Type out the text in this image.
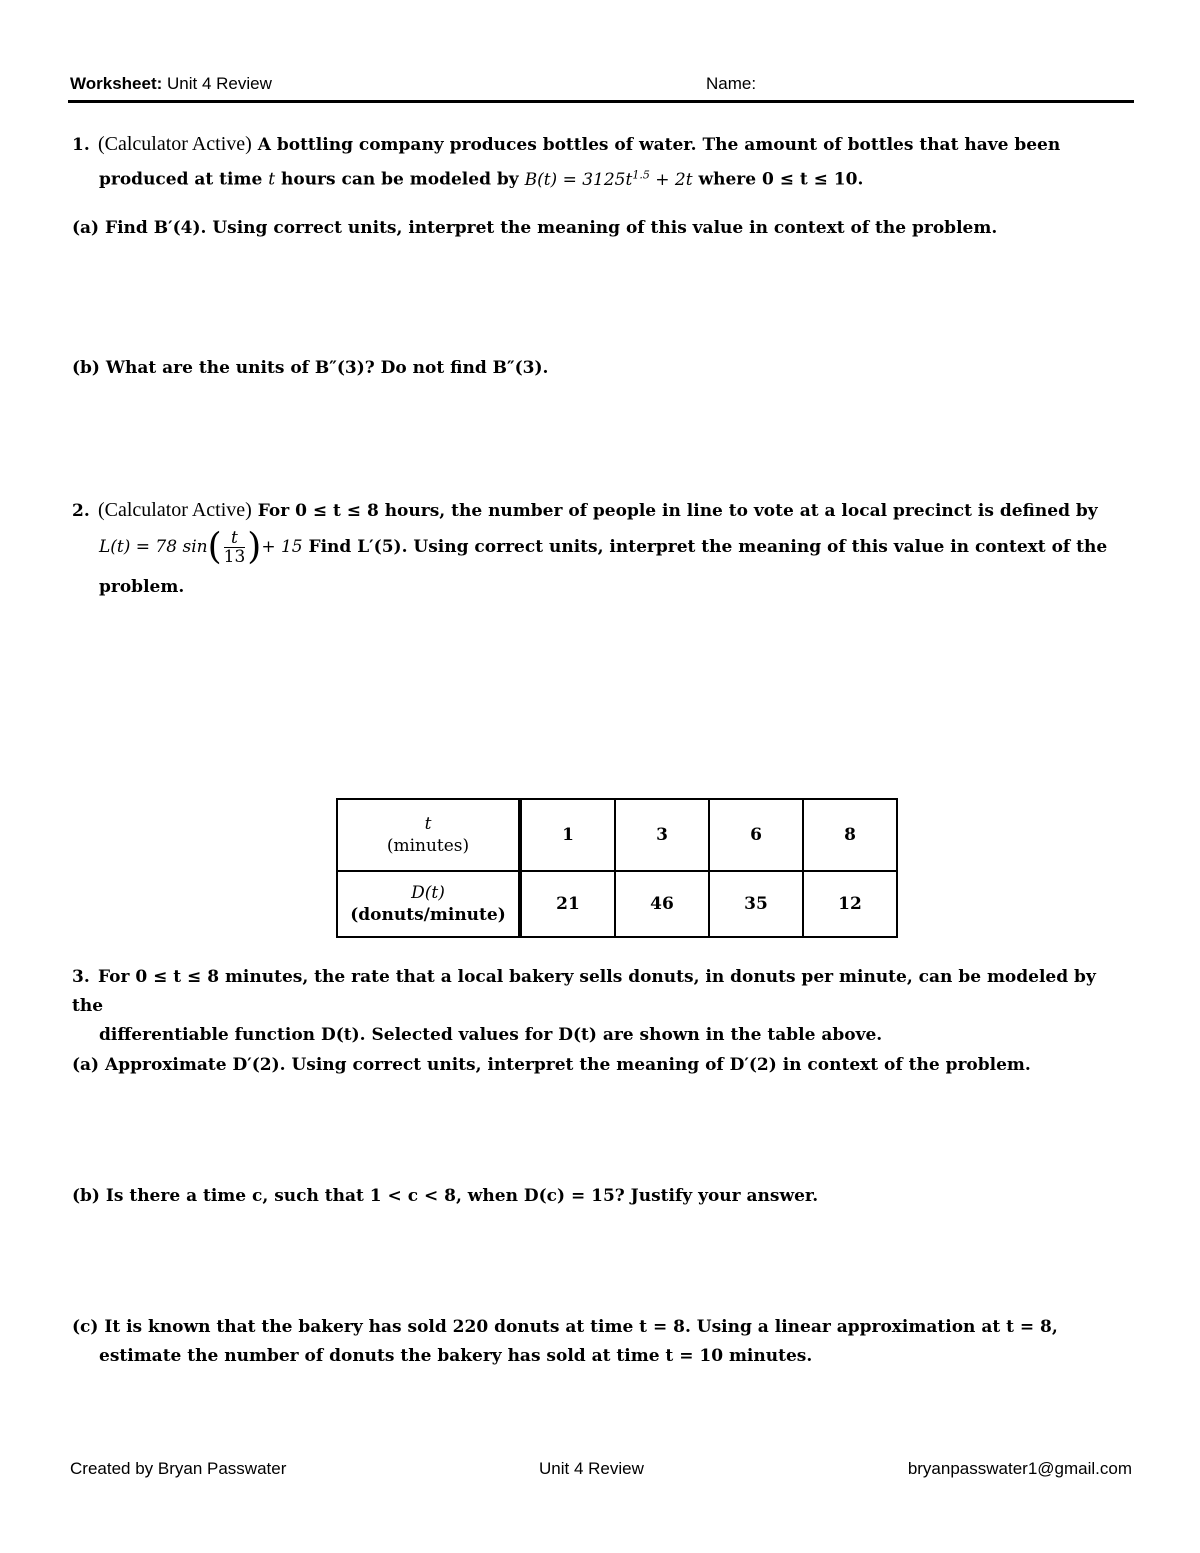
Worksheet: Unit 4 Review	Name:
1. (Calculator Active) A bottling company produces bottles of water. The amount of bottles that have been
produced at time t hours can be modeled by $B(t) = 3125t^{1.5} + 2t$ where 0 ≤ t ≤ 10.
(a) Find B′(4). Using correct units, interpret the meaning of this value in context of the problem.
(b) What are the units of B″(3)? Do not find B″(3).
2. (Calculator Active) For 0 ≤ t ≤ 8 hours, the number of people in line to vote at a local precinct is defined by
L(t) = 78 $\sin( \frac{t}{13}$ )+ 15 Find L′(5). Using correct units, interpret the meaning of this value in context of the
problem.
t
(minutes)	1	3	6	8
D(t)
(donuts/minute)	21	46	35	12
3. For 0 ≤ t ≤ 8 minutes, the rate that a local bakery sells donuts, in donuts per minute, can be modeled by the
differentiable function D(t). Selected values for D(t) are shown in the table above.
(a) Approximate D′(2). Using correct units, interpret the meaning of D′(2) in context of the problem.
(b) Is there a time c, such that 1 < c < 8, when D(c) = 15? Justify your answer.
(c) It is known that the bakery has sold 220 donuts at time t = 8. Using a linear approximation at t = 8,
estimate the number of donuts the bakery has sold at time t = 10 minutes.
Created by Bryan Passwater	Unit 4 Review	bryanpasswater1@gmail.com
